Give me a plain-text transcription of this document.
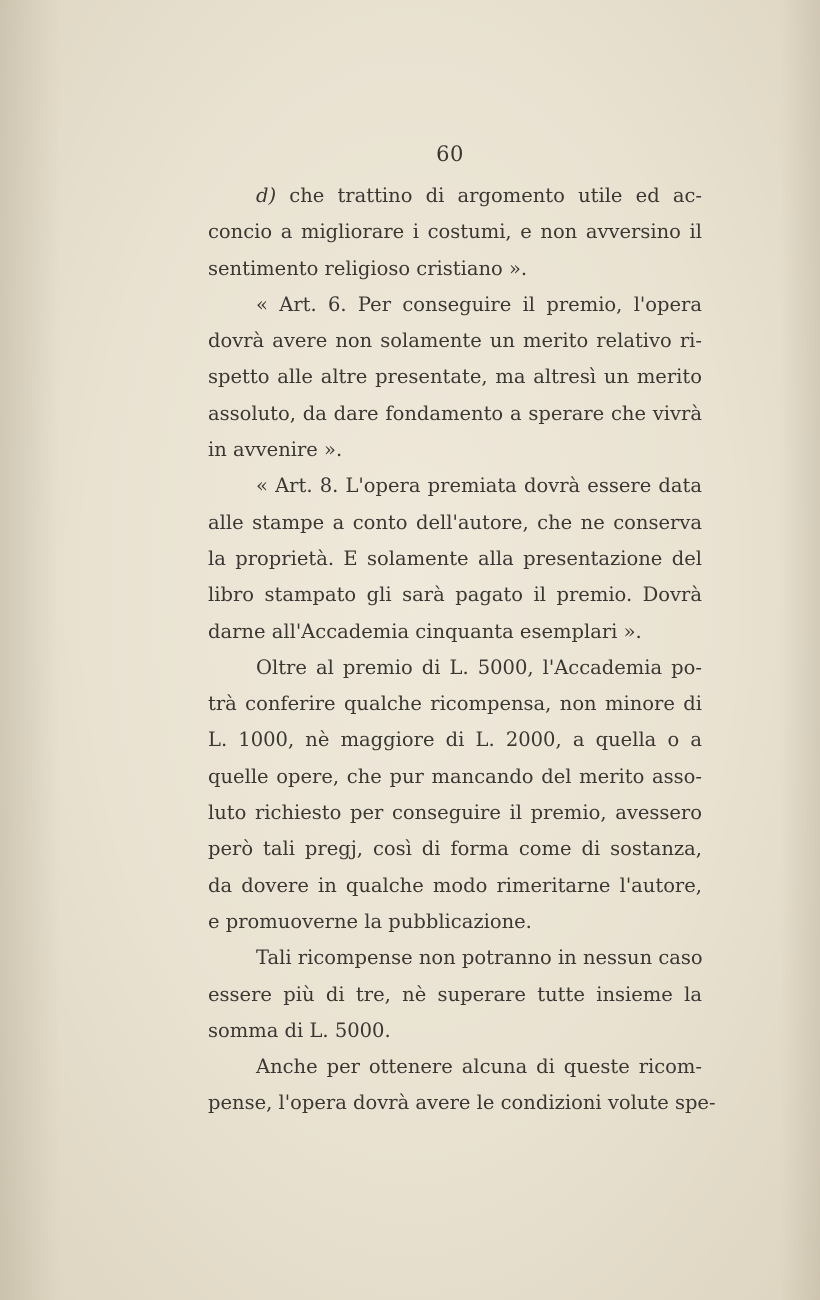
60
d) che trattino di argomento utile ed ac-
concio a migliorare i costumi, e non avversino il
sentimento religioso cristiano ».
« Art. 6. Per conseguire il premio, l'opera
dovrà avere non solamente un merito relativo ri-
spetto alle altre presentate, ma altresì un merito
assoluto, da dare fondamento a sperare che vivrà
in avvenire ».
« Art. 8. L'opera premiata dovrà essere data
alle stampe a conto dell'autore, che ne conserva
la proprietà. E solamente alla presentazione del
libro stampato gli sarà pagato il premio. Dovrà
darne all'Accademia cinquanta esemplari ».
Oltre al premio di L. 5000, l'Accademia po-
trà conferire qualche ricompensa, non minore di
L. 1000, nè maggiore di L. 2000, a quella o a
quelle opere, che pur mancando del merito asso-
luto richiesto per conseguire il premio, avessero
però tali pregj, così di forma come di sostanza,
da dovere in qualche modo rimeritarne l'autore,
e promuoverne la pubblicazione.
Tali ricompense non potranno in nessun caso
essere più di tre, nè superare tutte insieme la
somma di L. 5000.
Anche per ottenere alcuna di queste ricom-
pense, l'opera dovrà avere le condizioni volute spe-
